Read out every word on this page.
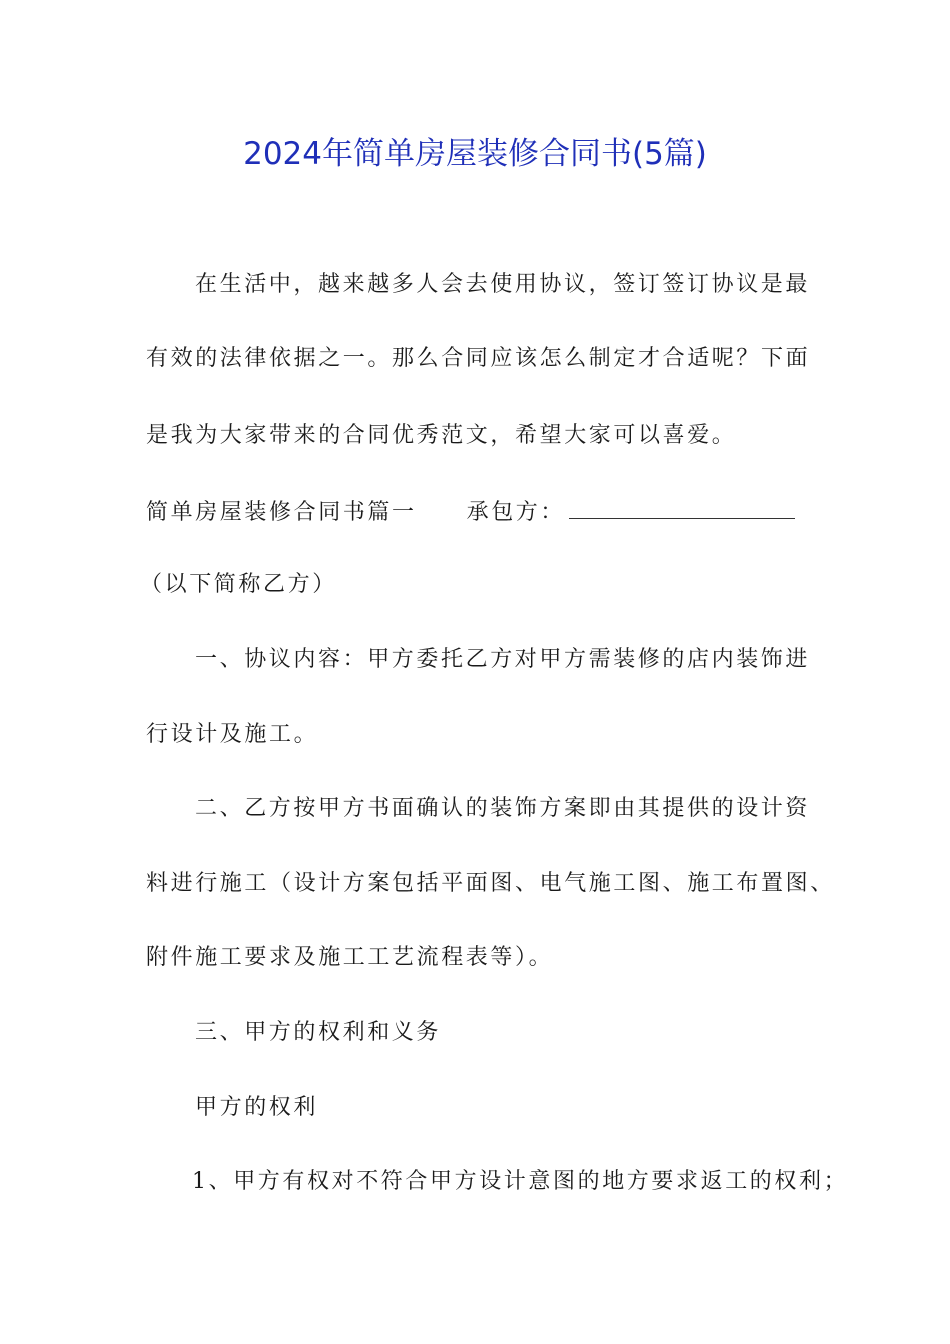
2024年简单房屋装修合同书(5篇)
在生活中，越来越多人会去使用协议，签订签订协议是最
有效的法律依据之一。那么合同应该怎么制定才合适呢？下面
是我为大家带来的合同优秀范文，希望大家可以喜爱。
简单房屋装修合同书篇一 承包方：
（以下简称乙方）
一、协议内容：甲方委托乙方对甲方需装修的店内装饰进
行设计及施工。
二、乙方按甲方书面确认的装饰方案即由其提供的设计资
料进行施工（设计方案包括平面图、电气施工图、施工布置图、
附件施工要求及施工工艺流程表等）。
三、甲方的权利和义务
甲方的权利
1、甲方有权对不符合甲方设计意图的地方要求返工的权利；
